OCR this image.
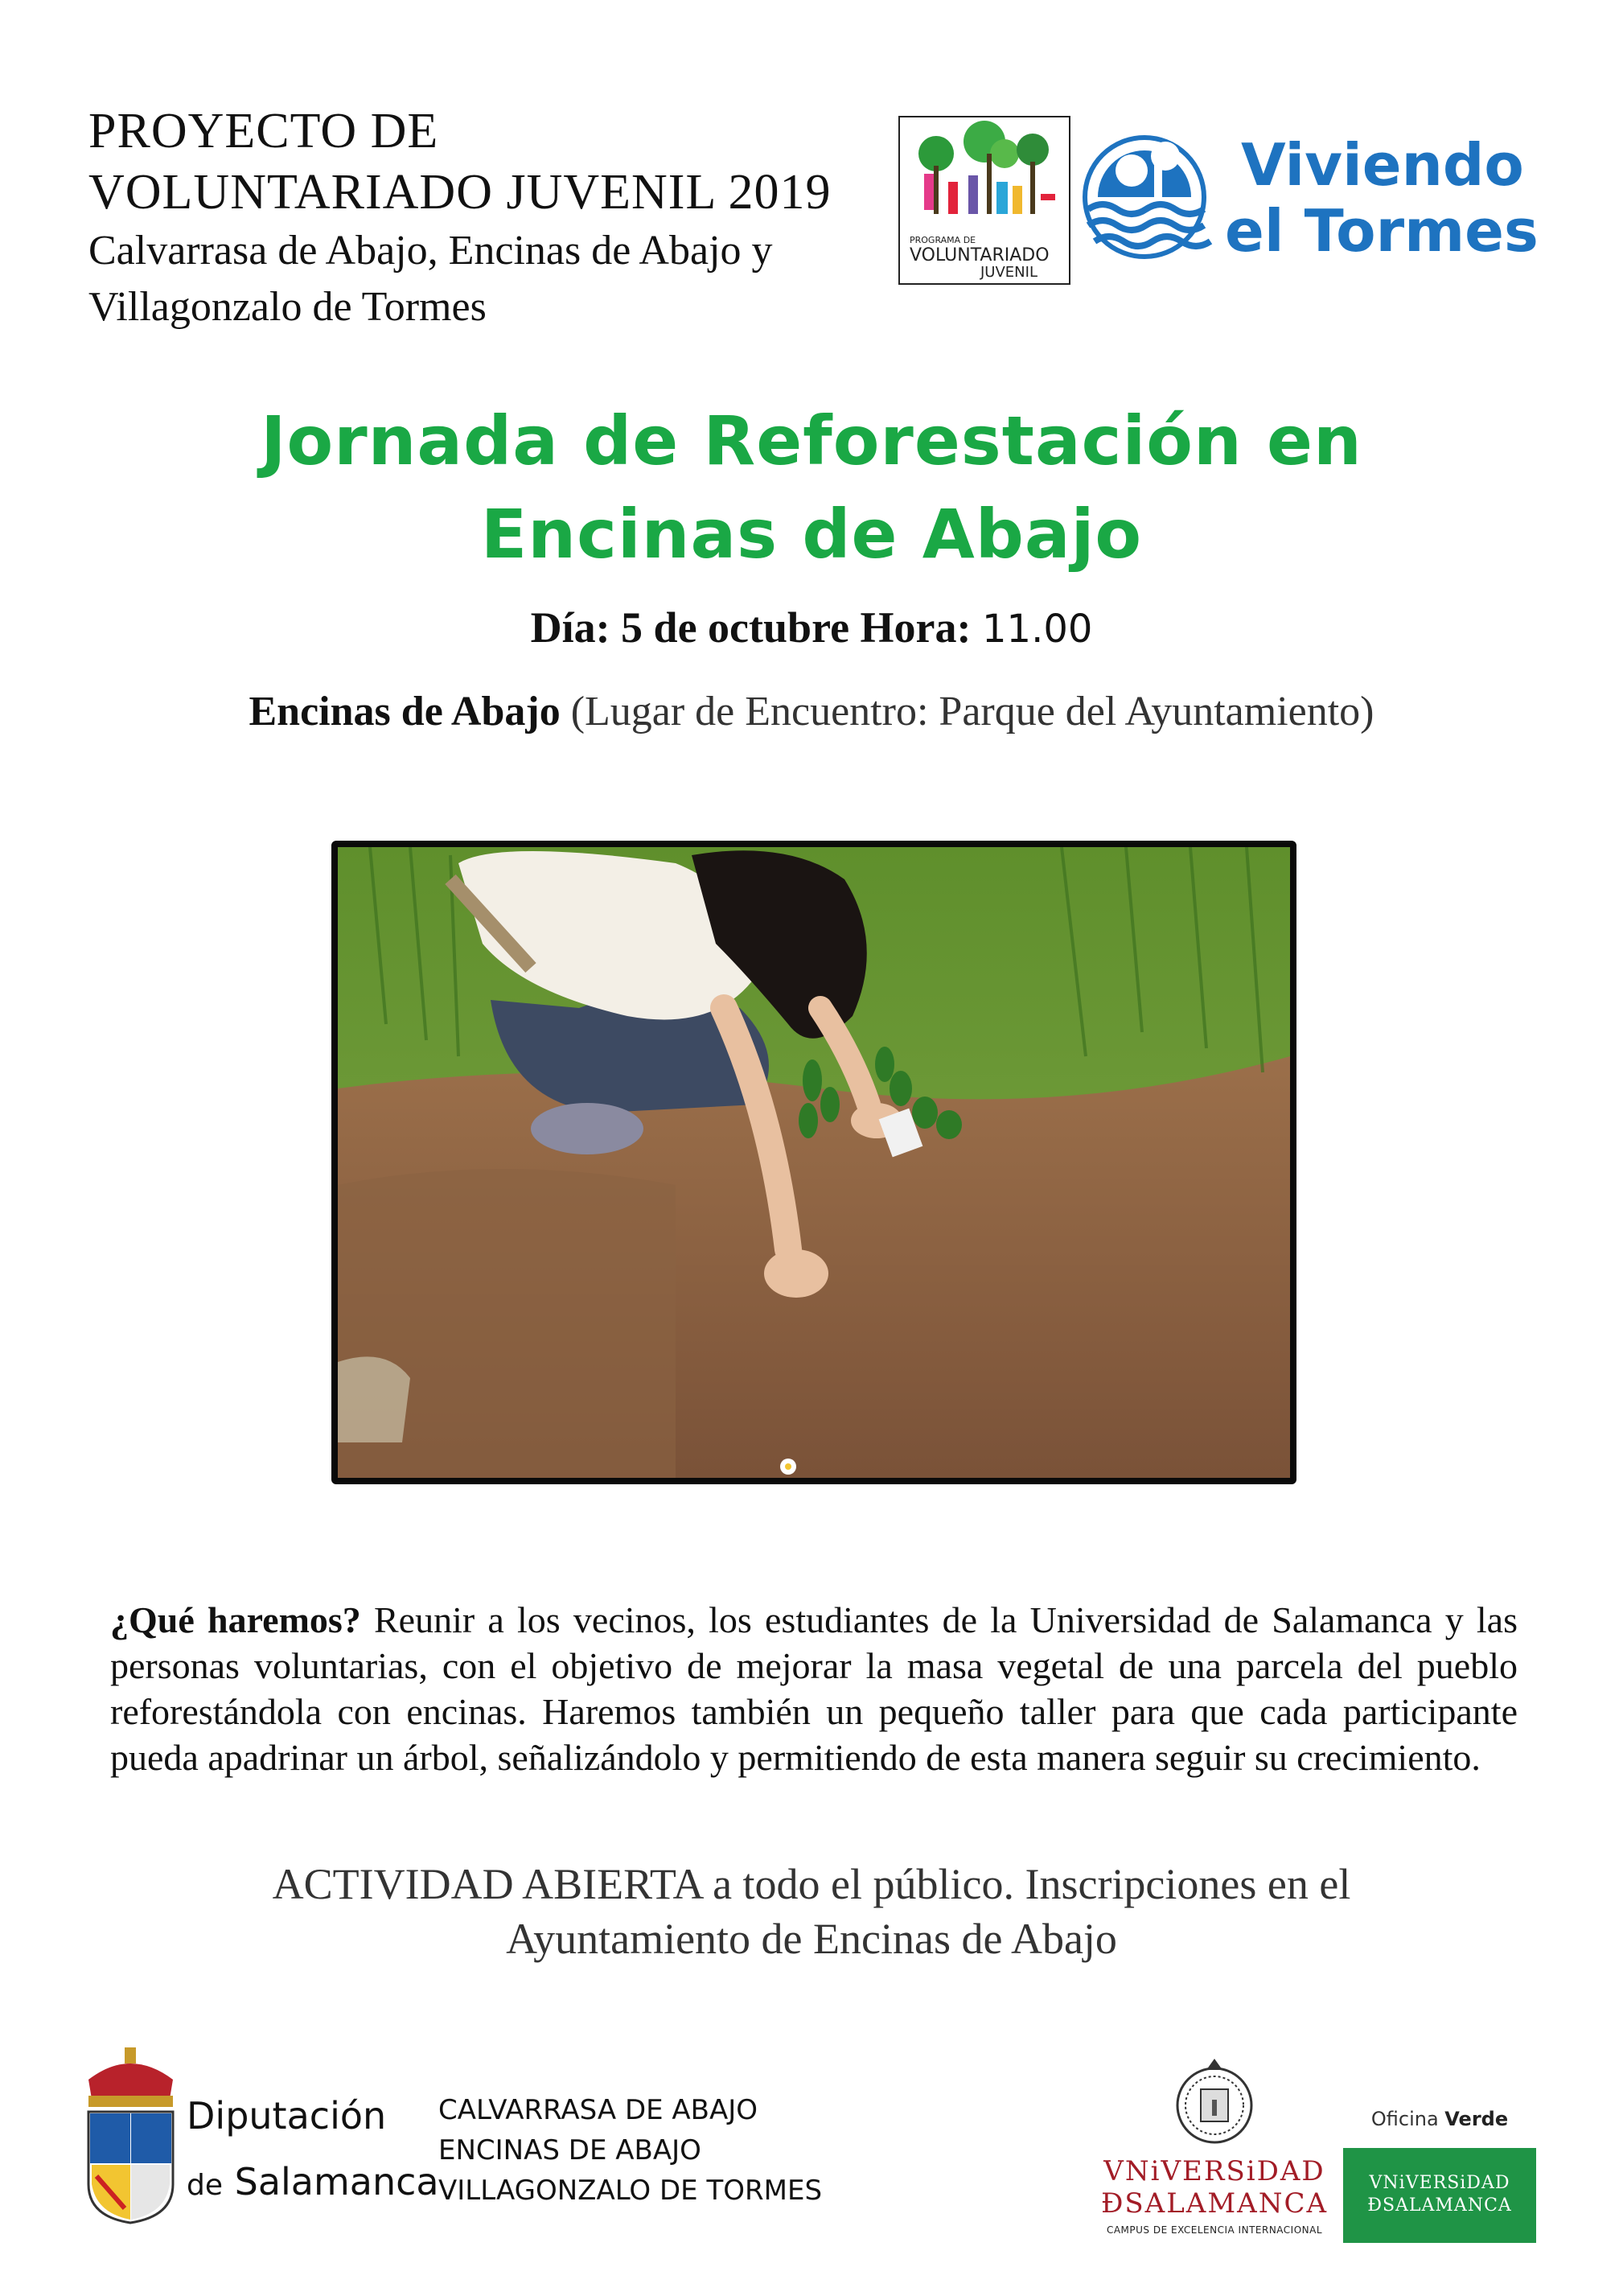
PROYECTO DE
VOLUNTARIADO JUVENIL 2019
Calvarrasa de Abajo, Encinas de Abajo y
Villagonzalo de Tormes
PROGRAMA DE
VOLUNTARIADO
JUVENIL
Viviendo
el Tormes
Jornada de Reforestación en
Encinas de Abajo
Día: 5 de octubre Hora: 11.00
Encinas de Abajo (Lugar de Encuentro: Parque del Ayuntamiento)
¿Qué haremos? Reunir a los vecinos, los estudiantes de la Universidad de Salamanca y las personas voluntarias, con el objetivo de mejorar la masa vegetal de una parcela del pueblo reforestándola con encinas. Haremos también un pequeño taller para que cada participante pueda apadrinar un árbol, señalizándolo y permitiendo de esta manera seguir su crecimiento.
ACTIVIDAD ABIERTA a todo el público. Inscripciones en el
Ayuntamiento de Encinas de Abajo
Diputación
de Salamanca
CALVARRASA DE ABAJO
ENCINAS DE ABAJO
VILLAGONZALO DE TORMES
VNiVERSiDAD
ÐSALAMANCA
CAMPUS DE EXCELENCIA INTERNACIONAL
Oficina Verde
VNiVERSiDAD
ÐSALAMANCA
